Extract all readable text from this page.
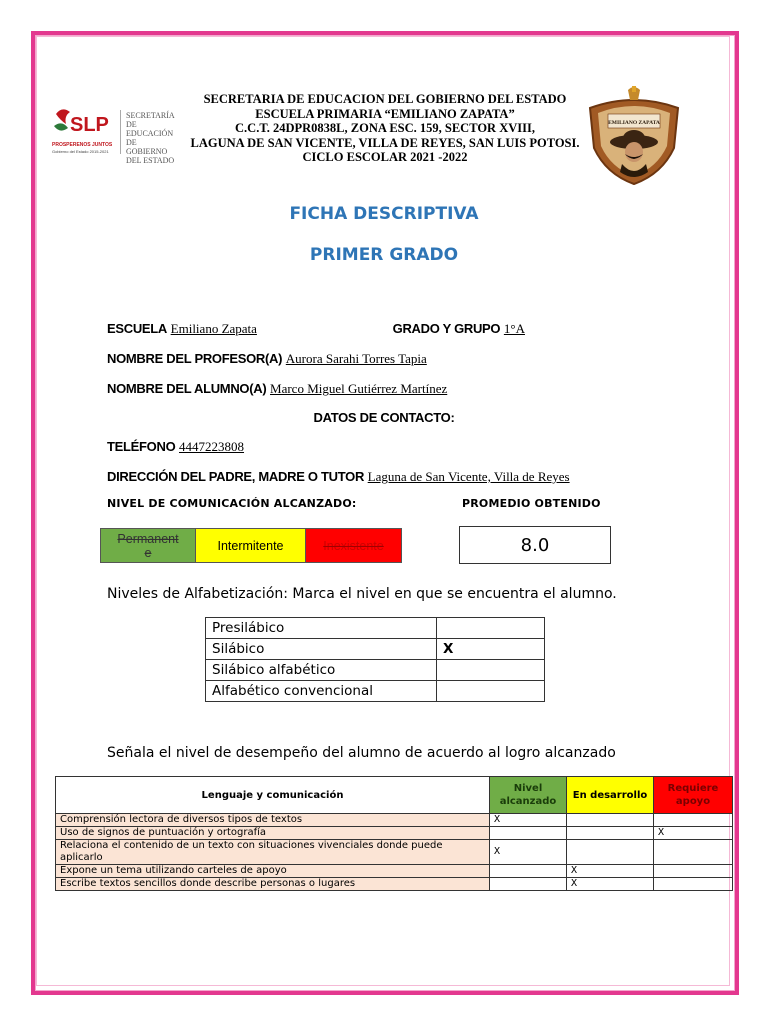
SLP
PROSPERENOS JUNTOS
Gobierno del Estado 2015-2021
SECRETARÍA
DE EDUCACIÓN
DE GOBIERNO
DEL ESTADO
EMILIANO ZAPATA
SECRETARIA DE EDUCACION DEL GOBIERNO DEL ESTADO
ESCUELA PRIMARIA “EMILIANO ZAPATA”
C.C.T. 24DPR0838L, ZONA ESC. 159, SECTOR XVIII,
LAGUNA DE SAN VICENTE, VILLA DE REYES, SAN LUIS POTOSI.
CICLO ESCOLAR 2021 -2022
FICHA DESCRIPTIVA
PRIMER GRADO
ESCUELA Emiliano Zapata	GRADO Y GRUPO 1°A
NOMBRE DEL PROFESOR(A) Aurora Sarahi Torres Tapia
NOMBRE DEL ALUMNO(A) Marco Miguel Gutiérrez Martínez
DATOS DE CONTACTO:
TELÉFONO 4447223808
DIRECCIÓN DEL PADRE, MADRE O TUTOR Laguna de San Vicente, Villa de Reyes
NIVEL DE COMUNICACIÓN ALCANZADO:	PROMEDIO OBTENIDO
Permanente	Intermitente	Inexistente	8.0
Niveles de Alfabetización: Marca el nivel en que se encuentra el alumno.
Presilábico	
Silábico	X
Silábico alfabético	
Alfabético convencional	
Señala el nivel de desempeño del alumno de acuerdo al logro alcanzado
Lenguaje y comunicación	Nivel alcanzado	En desarrollo	Requiere apoyo
Comprensión lectora de diversos tipos de textos	X		
Uso de signos de puntuación y ortografía			X
Relaciona el contenido de un texto con situaciones vivenciales donde puede aplicarlo	X		
Expone un tema utilizando carteles de apoyo		X	
Escribe textos sencillos donde describe personas o lugares		X	
